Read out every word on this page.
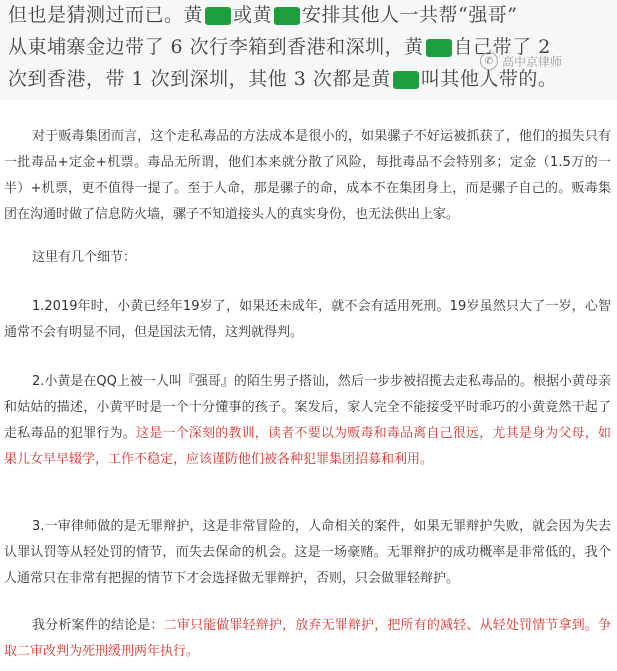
但也是猜测过而已。黄 或黄 安排其他人一共帮“强哥”
从東埔寨金边带了 6 次行李箱到香港和深圳，黄 自己带了 2
次到香港，带 1 次到深圳，其他 3 次都是黄 叫其他人带的。
✆ 高中京律师
对于贩毒集团而言，这个走私毒品的方法成本是很小的，如果骡子不好运被抓获了，他们的损失只有一批毒品+定金+机票。毒品无所谓，他们本来就分散了风险，每批毒品不会特别多；定金（1.5万的一半）+机票，更不值得一提了。至于人命，那是骡子的命，成本不在集团身上，而是骡子自己的。贩毒集团在沟通时做了信息防火墙，骡子不知道接头人的真实身份，也无法供出上家。
这里有几个细节：
1.2019年时，小黄已经年19岁了，如果还未成年，就不会有适用死刑。19岁虽然只大了一岁，心智通常不会有明显不同，但是国法无情，这判就得判。
2.小黄是在QQ上被一人叫『强哥』的陌生男子搭讪，然后一步步被招揽去走私毒品的。根据小黄母亲和姑姑的描述，小黄平时是一个十分懂事的孩子。案发后，家人完全不能接受平时乖巧的小黄竟然干起了走私毒品的犯罪行为。这是一个深刻的教训，读者不要以为贩毒和毒品离自己很远，尤其是身为父母，如果儿女早早辍学，工作不稳定，应该谨防他们被各种犯罪集团招募和利用。
3.一审律师做的是无罪辩护，这是非常冒险的，人命相关的案件，如果无罪辩护失败，就会因为失去认罪认罚等从轻处罚的情节，而失去保命的机会。这是一场豪赌。无罪辩护的成功概率是非常低的，我个人通常只在非常有把握的情节下才会选择做无罪辩护，否则，只会做罪轻辩护。
我分析案件的结论是：二审只能做罪轻辩护，放弃无罪辩护，把所有的减轻、从轻处罚情节拿到。争取二审改判为死刑缓刑两年执行。
